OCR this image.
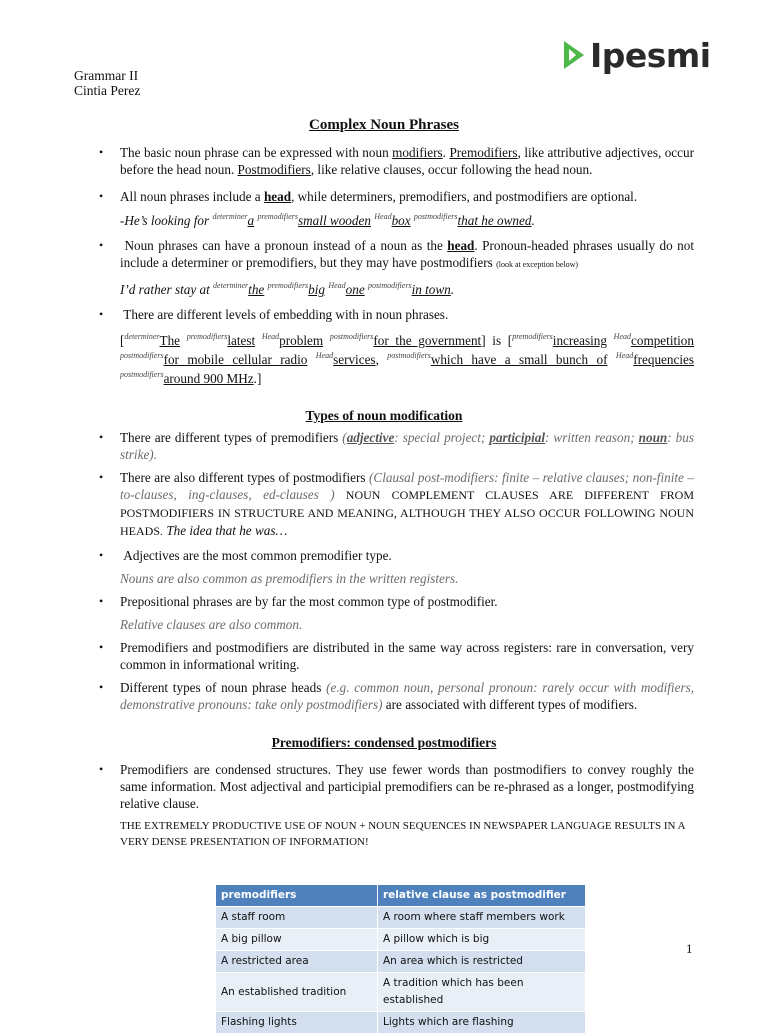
Ipesmi
Grammar II
Cintia Perez
Complex Noun Phrases
• The basic noun phrase can be expressed with noun modifiers. Premodifiers, like attributive adjectives, occur before the head noun. Postmodifiers, like relative clauses, occur following the head noun.
• All noun phrases include a head, while determiners, premodifiers, and postmodifiers are optional.
-He’s looking for $^{determiner}$a $^{premodifiers}$small wooden $^{Head}$box $^{postmodifiers}$that he owned.
• Noun phrases can have a pronoun instead of a noun as the head. Pronoun-headed phrases usually do not include a determiner or premodifiers, but they may have postmodifiers (look at exception below)
I’d rather stay at $^{determiner}$the $^{premodifiers}$big $^{Head}$one $^{postmodifiers}$in town.
• There are different levels of embedding with in noun phrases.
[$^{determiner}$The $^{premodifiers}$latest $^{Head}$problem $^{postmodifiers}$for the government] is [$^{premodifiers}$increasing $^{Head}$competition $^{postmodifiers}$for mobile cellular radio $^{Head}$services, $^{postmodifiers}$which have a small bunch of $^{Head}$frequencies $^{postmodifiers}$around 900 MHz.]
Types of noun modification
• There are different types of premodifiers (adjective: special project; participial: written reason; noun: bus strike).
• There are also different types of postmodifiers (Clausal post-modifiers: finite – relative clauses; non-finite – to-clauses, ing-clauses, ed-clauses ) NOUN COMPLEMENT CLAUSES ARE DIFFERENT FROM POSTMODIFIERS IN STRUCTURE AND MEANING, ALTHOUGH THEY ALSO OCCUR FOLLOWING NOUN HEADS. The idea that he was…
• Adjectives are the most common premodifier type.
Nouns are also common as premodifiers in the written registers.
• Prepositional phrases are by far the most common type of postmodifier.
Relative clauses are also common.
• Premodifiers and postmodifiers are distributed in the same way across registers: rare in conversation, very common in informational writing.
• Different types of noun phrase heads (e.g. common noun, personal pronoun: rarely occur with modifiers, demonstrative pronouns: take only postmodifiers) are associated with different types of modifiers.
Premodifiers: condensed postmodifiers
• Premodifiers are condensed structures. They use fewer words than postmodifiers to convey roughly the same information. Most adjectival and participial premodifiers can be re-phrased as a longer, postmodifying relative clause.
THE EXTREMELY PRODUCTIVE USE OF NOUN + NOUN SEQUENCES IN NEWSPAPER LANGUAGE RESULTS IN A VERY DENSE PRESENTATION OF INFORMATION!
premodifiers	relative clause as postmodifier
A staff room	A room where staff members work
A big pillow	A pillow which is big
A restricted area	An area which is restricted
An established tradition	A tradition which has been established
Flashing lights	Lights which are flashing
1
